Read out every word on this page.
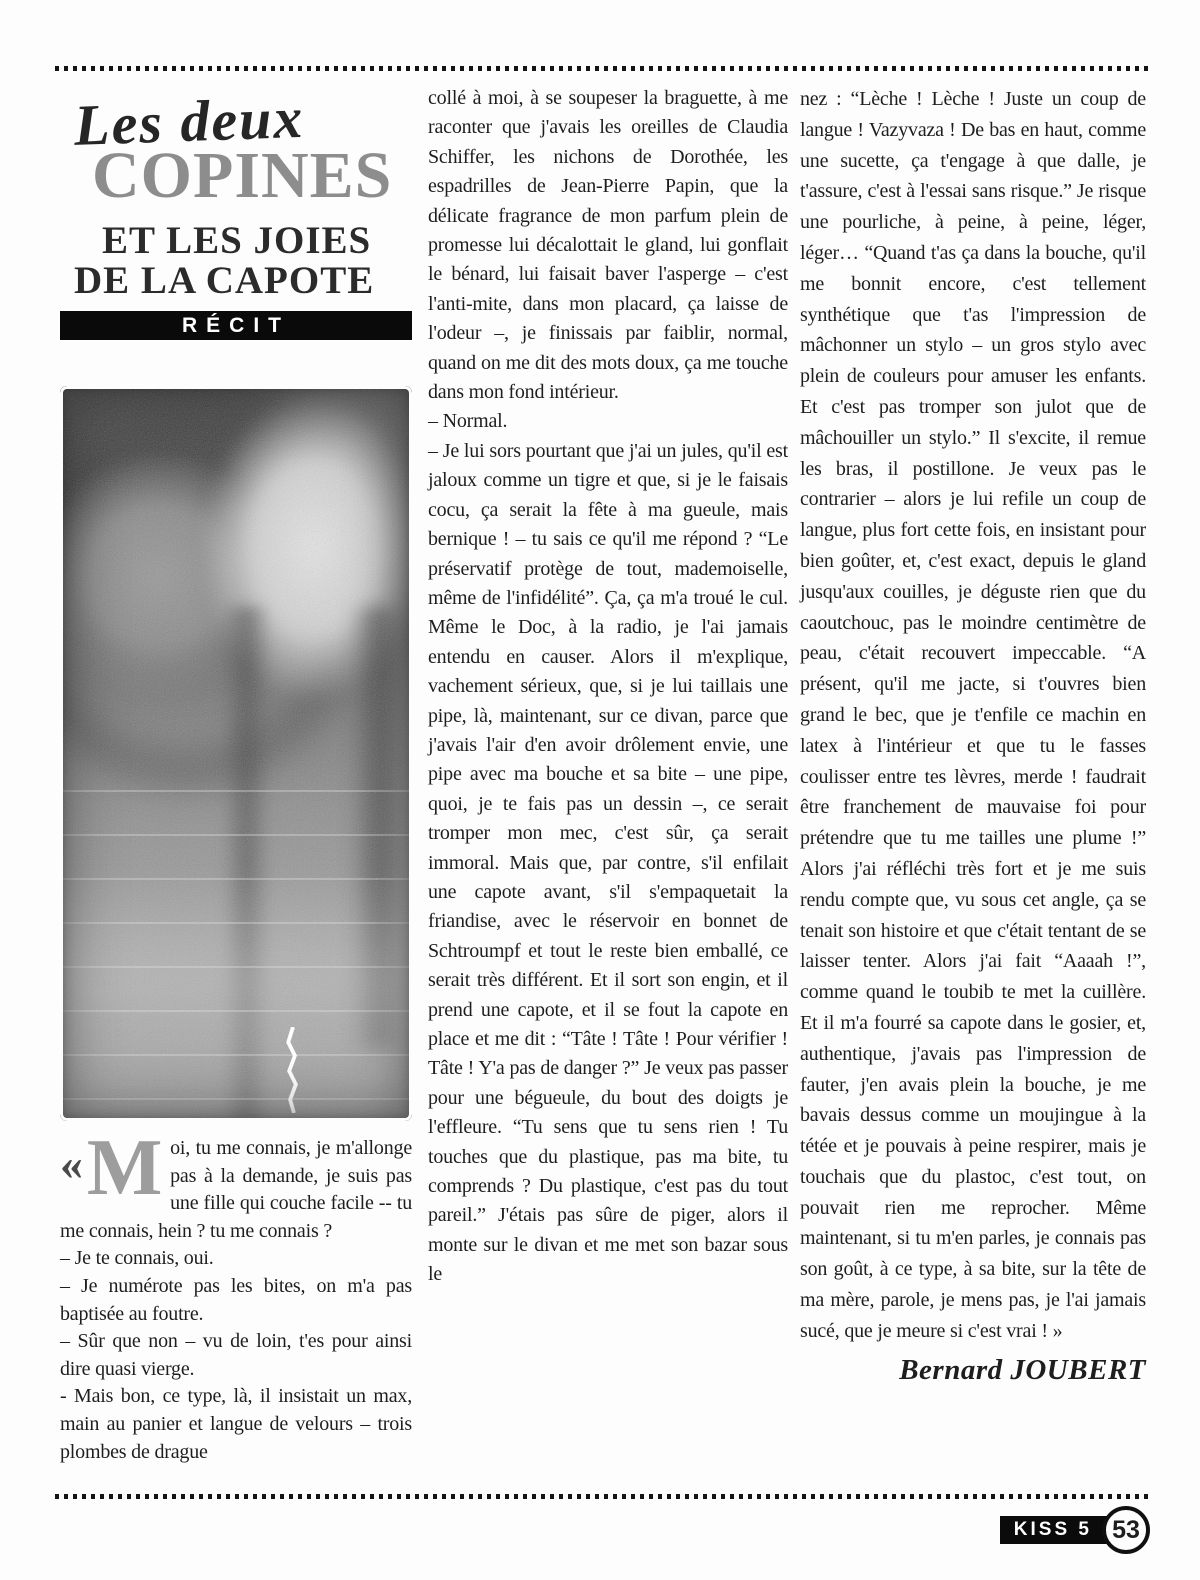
Les deux
COPINES
ET LES JOIES
DE LA CAPOTE
RÉCIT

« M oi, tu me connais, je m'allonge pas à la demande, je suis pas une fille qui couche facile -- tu me connais, hein ? tu me connais ?

– Je te connais, oui.

– Je numérote pas les bites, on m'a pas baptisée au foutre.

– Sûr que non – vu de loin, t'es pour ainsi dire quasi vierge.

- Mais bon, ce type, là, il insistait un max, main au panier et langue de velours – trois plombes de drague

collé à moi, à se soupeser la braguette, à me raconter que j'avais les oreilles de Claudia Schiffer, les nichons de Dorothée, les espadrilles de Jean-Pierre Papin, que la délicate fragrance de mon parfum plein de promesse lui décalottait le gland, lui gonflait le bénard, lui faisait baver l'asperge – c'est l'anti-mite, dans mon placard, ça laisse de l'odeur –, je finissais par faiblir, normal, quand on me dit des mots doux, ça me touche dans mon fond intérieur.

– Normal.

– Je lui sors pourtant que j'ai un jules, qu'il est jaloux comme un tigre et que, si je le faisais cocu, ça serait la fête à ma gueule, mais bernique ! – tu sais ce qu'il me répond ? “Le préservatif protège de tout, mademoiselle, même de l'infidélité”. Ça, ça m'a troué le cul. Même le Doc, à la radio, je l'ai jamais entendu en causer. Alors il m'explique, vachement sérieux, que, si je lui taillais une pipe, là, maintenant, sur ce divan, parce que j'avais l'air d'en avoir drôlement envie, une pipe avec ma bouche et sa bite – une pipe, quoi, je te fais pas un dessin –, ce serait tromper mon mec, c'est sûr, ça serait immoral. Mais que, par contre, s'il enfilait une capote avant, s'il s'empaquetait la friandise, avec le réservoir en bonnet de Schtroumpf et tout le reste bien emballé, ce serait très différent. Et il sort son engin, et il prend une capote, et il se fout la capote en place et me dit : “Tâte ! Tâte ! Pour vérifier ! Tâte ! Y'a pas de danger ?” Je veux pas passer pour une bégueule, du bout des doigts je l'effleure. “Tu sens que tu sens rien ! Tu touches que du plastique, pas ma bite, tu comprends ? Du plastique, c'est pas du tout pareil.” J'étais pas sûre de piger, alors il monte sur le divan et me met son bazar sous le

nez : “Lèche ! Lèche ! Juste un coup de langue ! Vazyvaza ! De bas en haut, comme une sucette, ça t'engage à que dalle, je t'assure, c'est à l'essai sans risque.” Je risque une pourliche, à peine, à peine, léger, léger… “Quand t'as ça dans la bouche, qu'il me bonnit encore, c'est tellement synthétique que t'as l'impression de mâchonner un stylo – un gros stylo avec plein de couleurs pour amuser les enfants. Et c'est pas tromper son julot que de mâchouiller un stylo.” Il s'excite, il remue les bras, il postillone. Je veux pas le contrarier – alors je lui refile un coup de langue, plus fort cette fois, en insistant pour bien goûter, et, c'est exact, depuis le gland jusqu'aux couilles, je déguste rien que du caoutchouc, pas le moindre centimètre de peau, c'était recouvert impeccable. “A présent, qu'il me jacte, si t'ouvres bien grand le bec, que je t'enfile ce machin en latex à l'intérieur et que tu le fasses coulisser entre tes lèvres, merde ! faudrait être franchement de mauvaise foi pour prétendre que tu me tailles une plume !” Alors j'ai réfléchi très fort et je me suis rendu compte que, vu sous cet angle, ça se tenait son histoire et que c'était tentant de se laisser tenter. Alors j'ai fait “Aaaah !”, comme quand le toubib te met la cuillère. Et il m'a fourré sa capote dans le gosier, et, authentique, j'avais pas l'impression de fauter, j'en avais plein la bouche, je me bavais dessus comme un moujingue à la tétée et je pouvais à peine respirer, mais je touchais que du plastoc, c'est tout, on pouvait rien me reprocher. Même maintenant, si tu m'en parles, je connais pas son goût, à ce type, à sa bite, sur la tête de ma mère, parole, je mens pas, je l'ai jamais sucé, que je meure si c'est vrai ! »

Bernard JOUBERT
KISS 5 53
